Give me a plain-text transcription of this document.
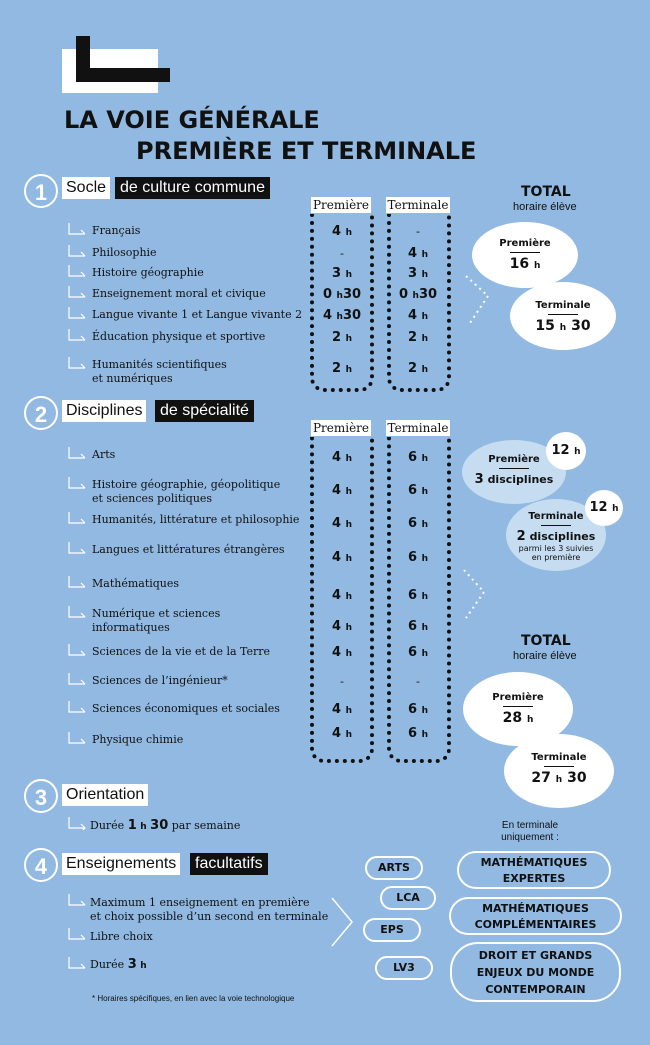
LA VOIE GÉNÉRALE
PREMIÈRE ET TERMINALE
1	Socle de culture commune
Première Terminale
Français	4 h	-
Philosophie	-	4 h
Histoire géographie	3 h	3 h
Enseignement moral et civique	0 h30	0 h30
Langue vivante 1 et Langue vivante 2	4 h30	4 h
Éducation physique et sportive	2 h	2 h
Humanités scientifiques
et numériques
2 h	2 h
TOTAL
horaire élève
Première
16 h
Terminale
15 h 30
2	Disciplines	de spécialité
Première Terminale
Arts	4 h	6 h
Histoire géographie, géopolitique
et sciences politiques
4 h	6 h
Humanités, littérature et philosophie	4 h	6 h
Langues et littératures étrangères
4 h	6 h
Mathématiques
4 h	6 h
Numérique et sciences
informatiques	4 h	6 h
Sciences de la vie et de la Terre	4 h	6 h
Sciences de l’ingénieur*	-	-
Sciences économiques et sociales	4 h	6 h
Physique chimie	4 h	6 h
Première
3 disciplines
12 h
Terminale
2 disciplines
parmi les 3 suivies
en première
12 h
TOTAL
horaire élève
Première
28 h
Terminale
27 h 30
3	Orientation
Durée 1 h 30 par semaine
4	Enseignements	facultatifs
Maximum 1 enseignement en première
et choix possible d’un second en terminale
Libre choix
Durée 3 h
ARTS
LCA
EPS
LV3
En terminale
uniquement :
MATHÉMATIQUES
EXPERTES
MATHÉMATIQUES
COMPLÉMENTAIRES
DROIT ET GRANDS
ENJEUX DU MONDE
CONTEMPORAIN
* Horaires spécifiques, en lien avec la voie technologique
